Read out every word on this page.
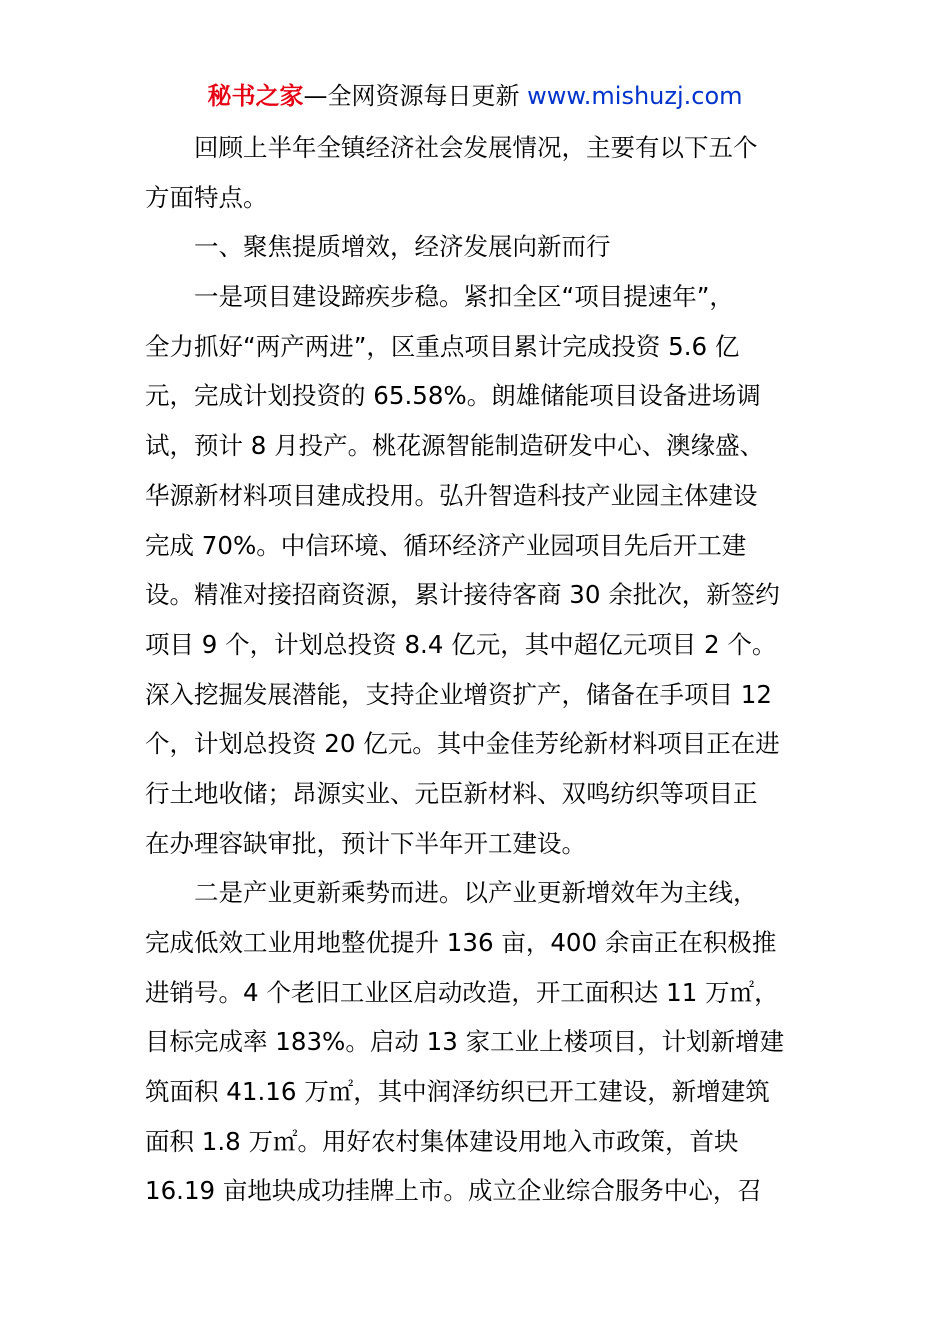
秘书之家—全网资源每日更新 www.mishuzj.com
回顾上半年全镇经济社会发展情况，主要有以下五个
方面特点。
一、聚焦提质增效，经济发展向新而行
一是项目建设蹄疾步稳。紧扣全区“项目提速年”，
全力抓好“两产两进”，区重点项目累计完成投资 5.6 亿
元，完成计划投资的 65.58%。朗雄储能项目设备进场调
试，预计 8 月投产。桃花源智能制造研发中心、澳缘盛、
华源新材料项目建成投用。弘升智造科技产业园主体建设
完成 70%。中信环境、循环经济产业园项目先后开工建
设。精准对接招商资源，累计接待客商 30 余批次，新签约
项目 9 个，计划总投资 8.4 亿元，其中超亿元项目 2 个。
深入挖掘发展潜能，支持企业增资扩产，储备在手项目 12
个，计划总投资 20 亿元。其中金佳芳纶新材料项目正在进
行土地收储；昂源实业、元臣新材料、双鸣纺织等项目正
在办理容缺审批，预计下半年开工建设。
二是产业更新乘势而进。以产业更新增效年为主线，
完成低效工业用地整优提升 136 亩，400 余亩正在积极推
进销号。4 个老旧工业区启动改造，开工面积达 11 万㎡，
目标完成率 183%。启动 13 家工业上楼项目，计划新增建
筑面积 41.16 万㎡，其中润泽纺织已开工建设，新增建筑
面积 1.8 万㎡。用好农村集体建设用地入市政策，首块
16.19 亩地块成功挂牌上市。成立企业综合服务中心，召
